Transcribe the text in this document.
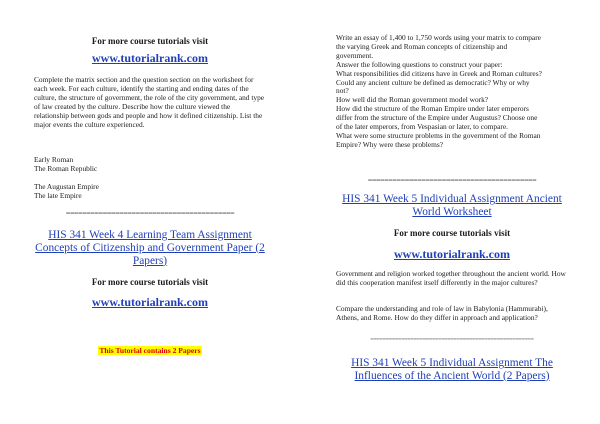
For more course tutorials visit

www.tutorialrank.com

Complete the matrix section and the question section on the worksheet for each week. For each culture, identify the starting and ending dates of the culture, the structure of government, the role of the city government, and type of law created by the culture. Describe how the culture viewed the relationship between gods and people and how it defined citizenship. List the major events the culture experienced.

Early Roman
The Roman Republic
The Augustan Empire
The late Empire
=========================================

HIS 341 Week 4 Learning Team Assignment Concepts of Citizenship and Government Paper (2 Papers)

For more course tutorials visit

www.tutorialrank.com

This Tutorial contains 2 Papers
Write an essay of 1,400 to 1,750 words using your matrix to compare
the varying Greek and Roman concepts of citizenship and
government.
Answer the following questions to construct your paper:
What responsibilities did citizens have in Greek and Roman cultures?
Could any ancient culture be defined as democratic? Why or why
not?
How well did the Roman government model work?
How did the structure of the Roman Empire under later emperors
differ from the structure of the Empire under Augustus? Choose one
of the later emperors, from Vespasian or later, to compare.
What were some structure problems in the government of the Roman
Empire? Why were these problems?
=========================================

HIS 341 Week 5 Individual Assignment Ancient World Worksheet

For more course tutorials visit

www.tutorialrank.com

Government and religion worked together throughout the ancient world. How did this cooperation manifest itself differently in the major cultures?

Compare the understanding and role of law in Babylonia (Hammurabi), Athens, and Rome. How do they differ in approach and application?

=====================================================

HIS 341 Week 5 Individual Assignment The Influences of the Ancient World (2 Papers)
